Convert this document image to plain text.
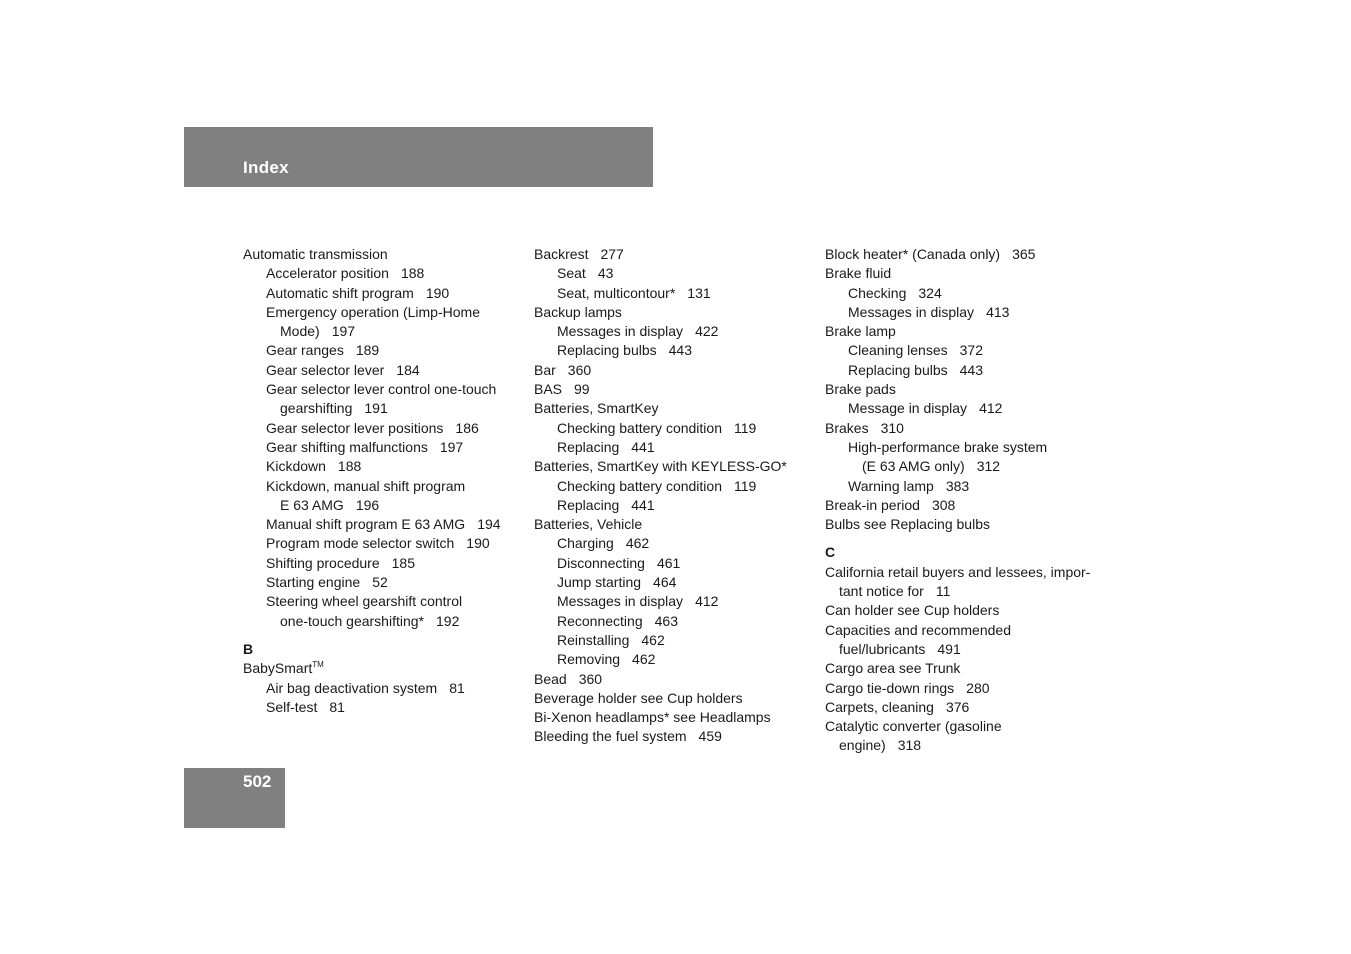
Index
Automatic transmission
Accelerator position 188
Automatic shift program 190
Emergency operation (Limp-Home
Mode) 197
Gear ranges 189
Gear selector lever 184
Gear selector lever control one-touch
gearshifting 191
Gear selector lever positions 186
Gear shifting malfunctions 197
Kickdown 188
Kickdown, manual shift program
E 63 AMG 196
Manual shift program E 63 AMG 194
Program mode selector switch 190
Shifting procedure 185
Starting engine 52
Steering wheel gearshift control
one-touch gearshifting* 192
B
BabySmart™
Air bag deactivation system 81
Self-test 81
Backrest 277
Seat 43
Seat, multicontour* 131
Backup lamps
Messages in display 422
Replacing bulbs 443
Bar 360
BAS 99
Batteries, SmartKey
Checking battery condition 119
Replacing 441
Batteries, SmartKey with KEYLESS-GO*
Checking battery condition 119
Replacing 441
Batteries, Vehicle
Charging 462
Disconnecting 461
Jump starting 464
Messages in display 412
Reconnecting 463
Reinstalling 462
Removing 462
Bead 360
Beverage holder see Cup holders
Bi-Xenon headlamps* see Headlamps
Bleeding the fuel system 459
Block heater* (Canada only) 365
Brake fluid
Checking 324
Messages in display 413
Brake lamp
Cleaning lenses 372
Replacing bulbs 443
Brake pads
Message in display 412
Brakes 310
High-performance brake system
(E 63 AMG only) 312
Warning lamp 383
Break-in period 308
Bulbs see Replacing bulbs
C
California retail buyers and lessees, impor-
tant notice for 11
Can holder see Cup holders
Capacities and recommended
fuel/lubricants 491
Cargo area see Trunk
Cargo tie-down rings 280
Carpets, cleaning 376
Catalytic converter (gasoline
engine) 318
502
